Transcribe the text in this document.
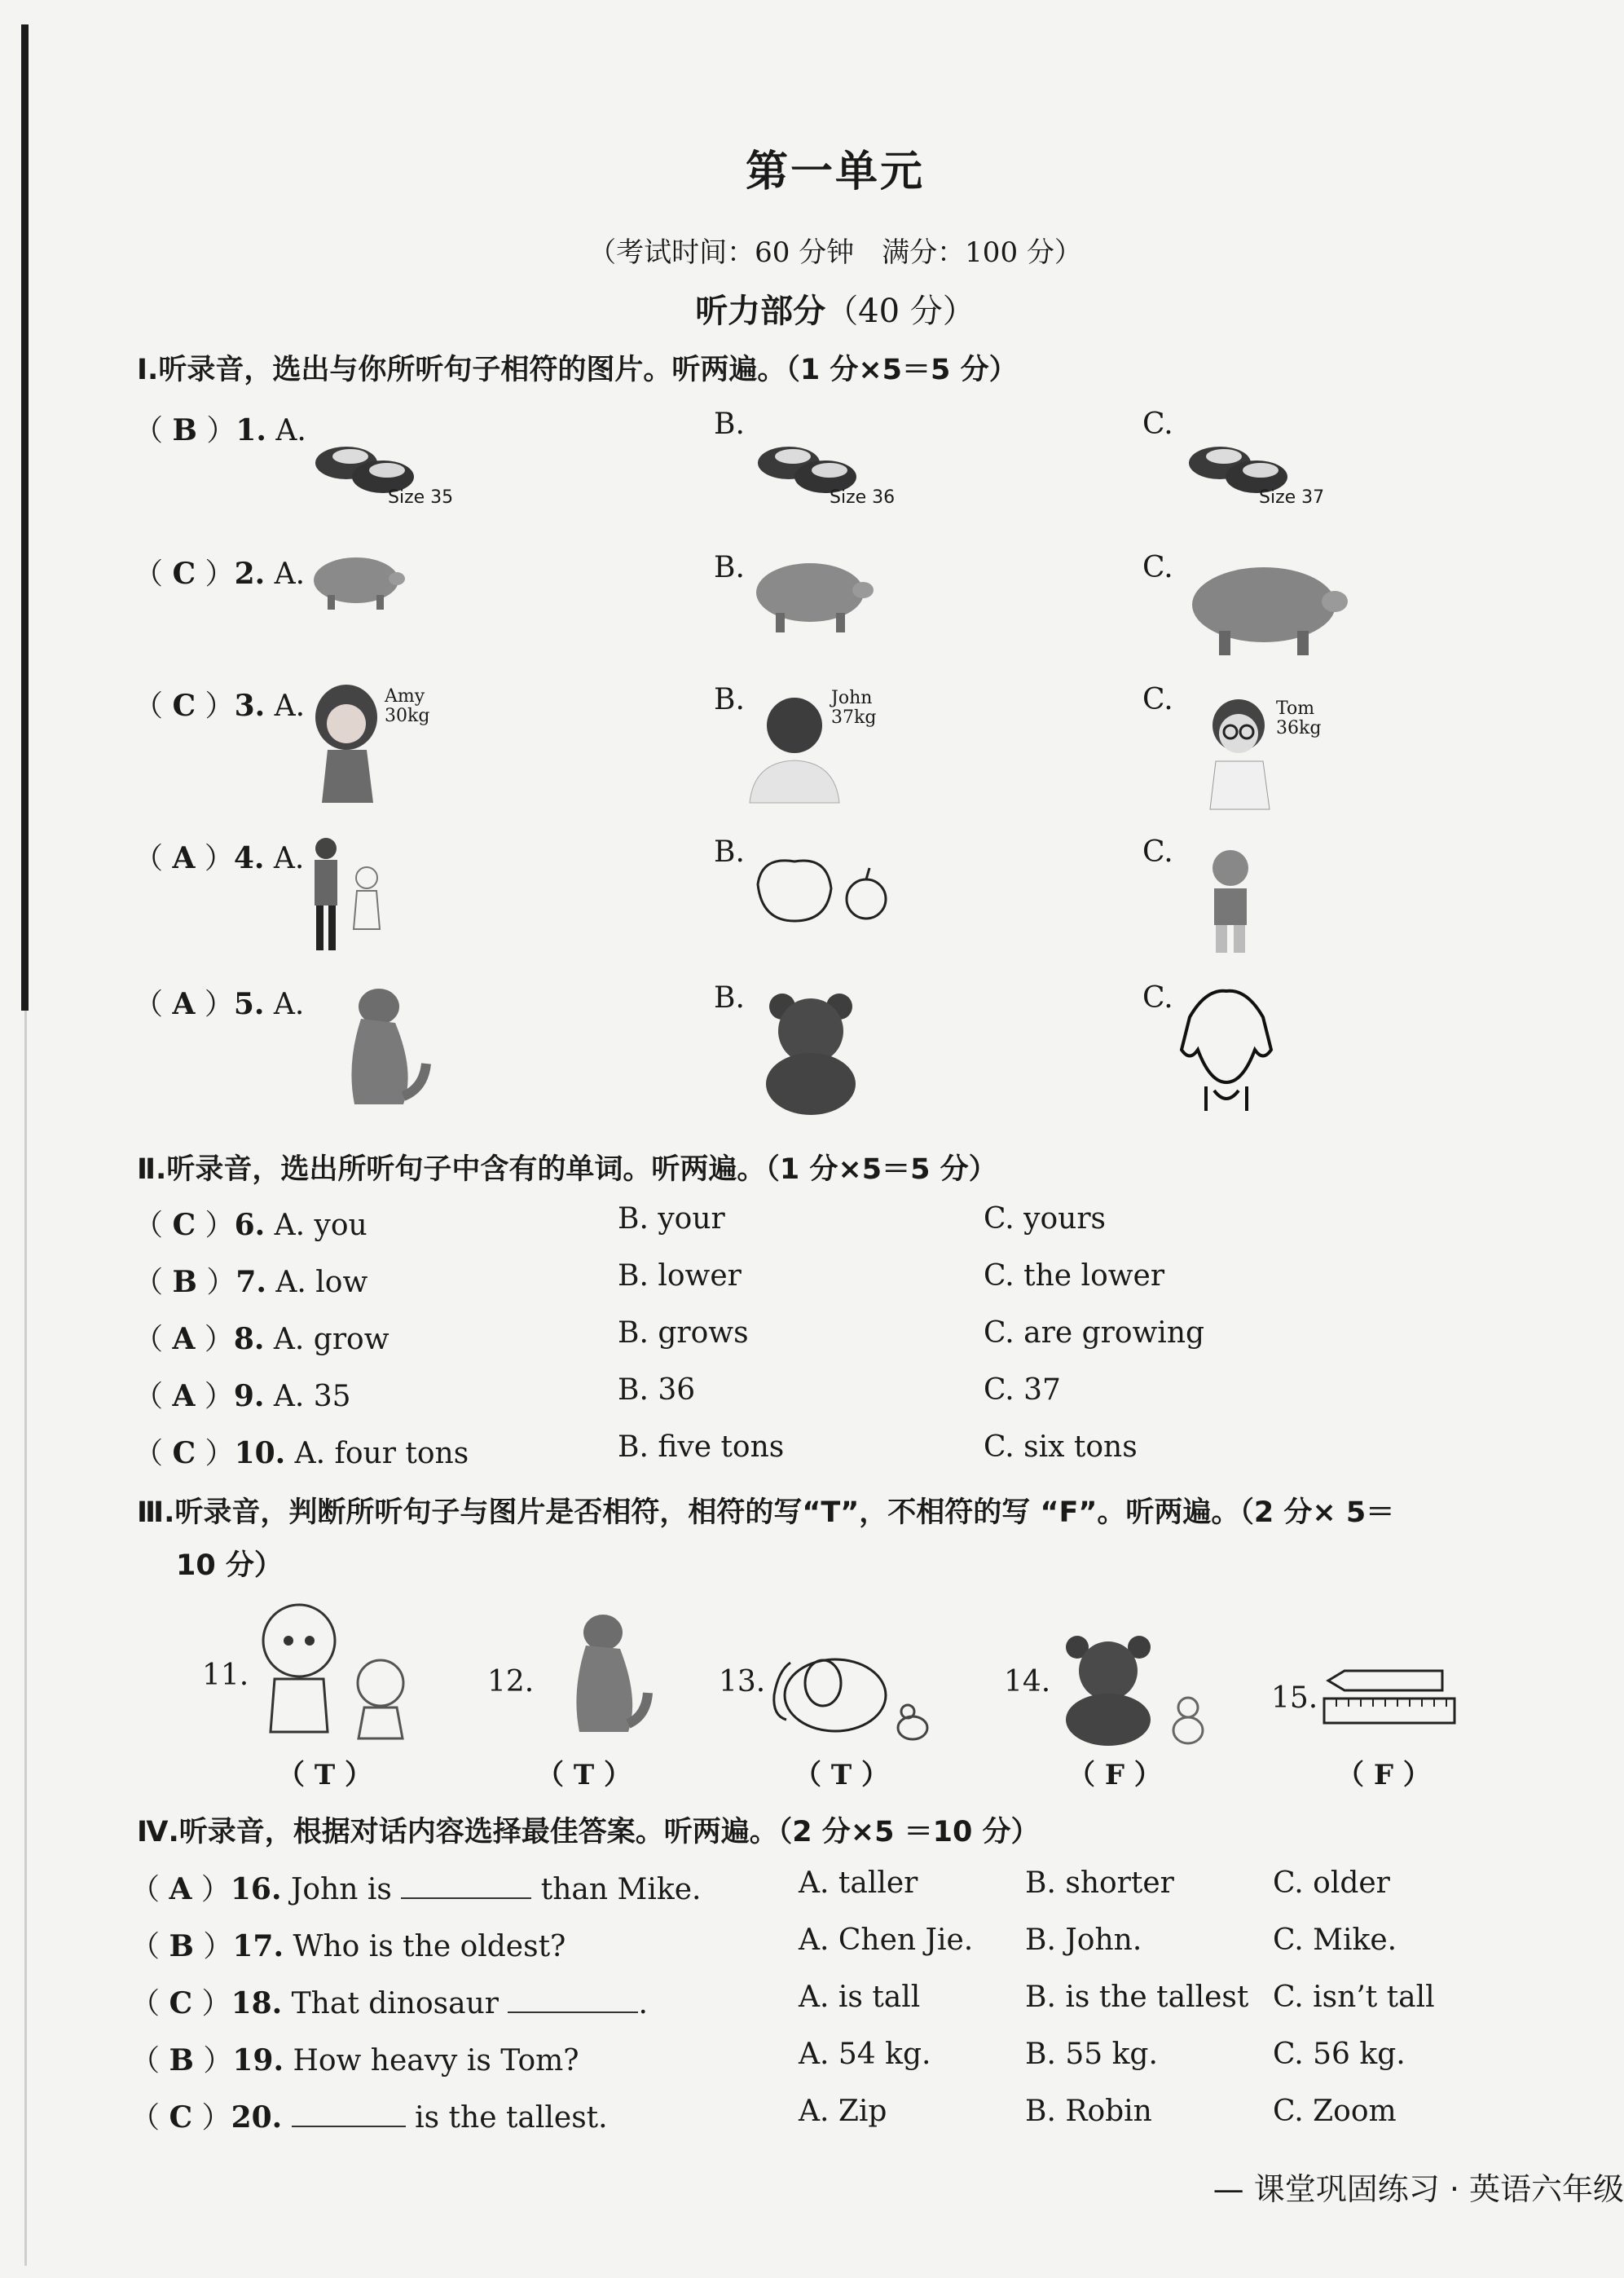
第一单元
（考试时间：60 分钟　满分：100 分）
听力部分（40 分）
Ⅰ.听录音，选出与你所听句子相符的图片。听两遍。（1 分×5＝5 分）
（ B ）1. A.	B.	C.
Size 35	Size 36	Size 37
（ C ）2. A.	B.	C.
（ C ）3. A.	B.	C.
Amy
30kg
John
37kg	Tom
36kg
（ A ）4. A.	B.	C.
（ A ）5. A.	B.	C.
Ⅱ.听录音，选出所听句子中含有的单词。听两遍。（1 分×5＝5 分）
（ C ）6. A. you	B. your	C. yours
（ B ）7. A. low	B. lower	C. the lower
（ A ）8. A. grow	B. grows	C. are growing
（ A ）9. A. 35	B. 36	C. 37
（ C ）10. A. four tons	B. five tons	C. six tons
Ⅲ.听录音，判断所听句子与图片是否相符，相符的写“T”，不相符的写 “F”。听两遍。（2 分× 5＝
10 分）
11.
（ T ）
12.
（ T ）
13.
（ T ）
14.
（ F ）
15.
（ F ）
Ⅳ.听录音，根据对话内容选择最佳答案。听两遍。（2 分×5 ＝10 分）
（ A ）16. John is	than Mike.	A. taller	B. shorter	C. older
（ B ）17. Who is the oldest?	A. Chen Jie. B. John.	C. Mike.
（ C ）18. That dinosaur	.	A. is tall	B. is the tallest C. isn’t tall
（ B ）19. How heavy is Tom?	A. 54 kg.	B. 55 kg.	C. 56 kg.
（ C ）20.	is the tallest.	A. Zip	B. Robin	C. Zoom
— 课堂巩固练习 · 英语六年级
